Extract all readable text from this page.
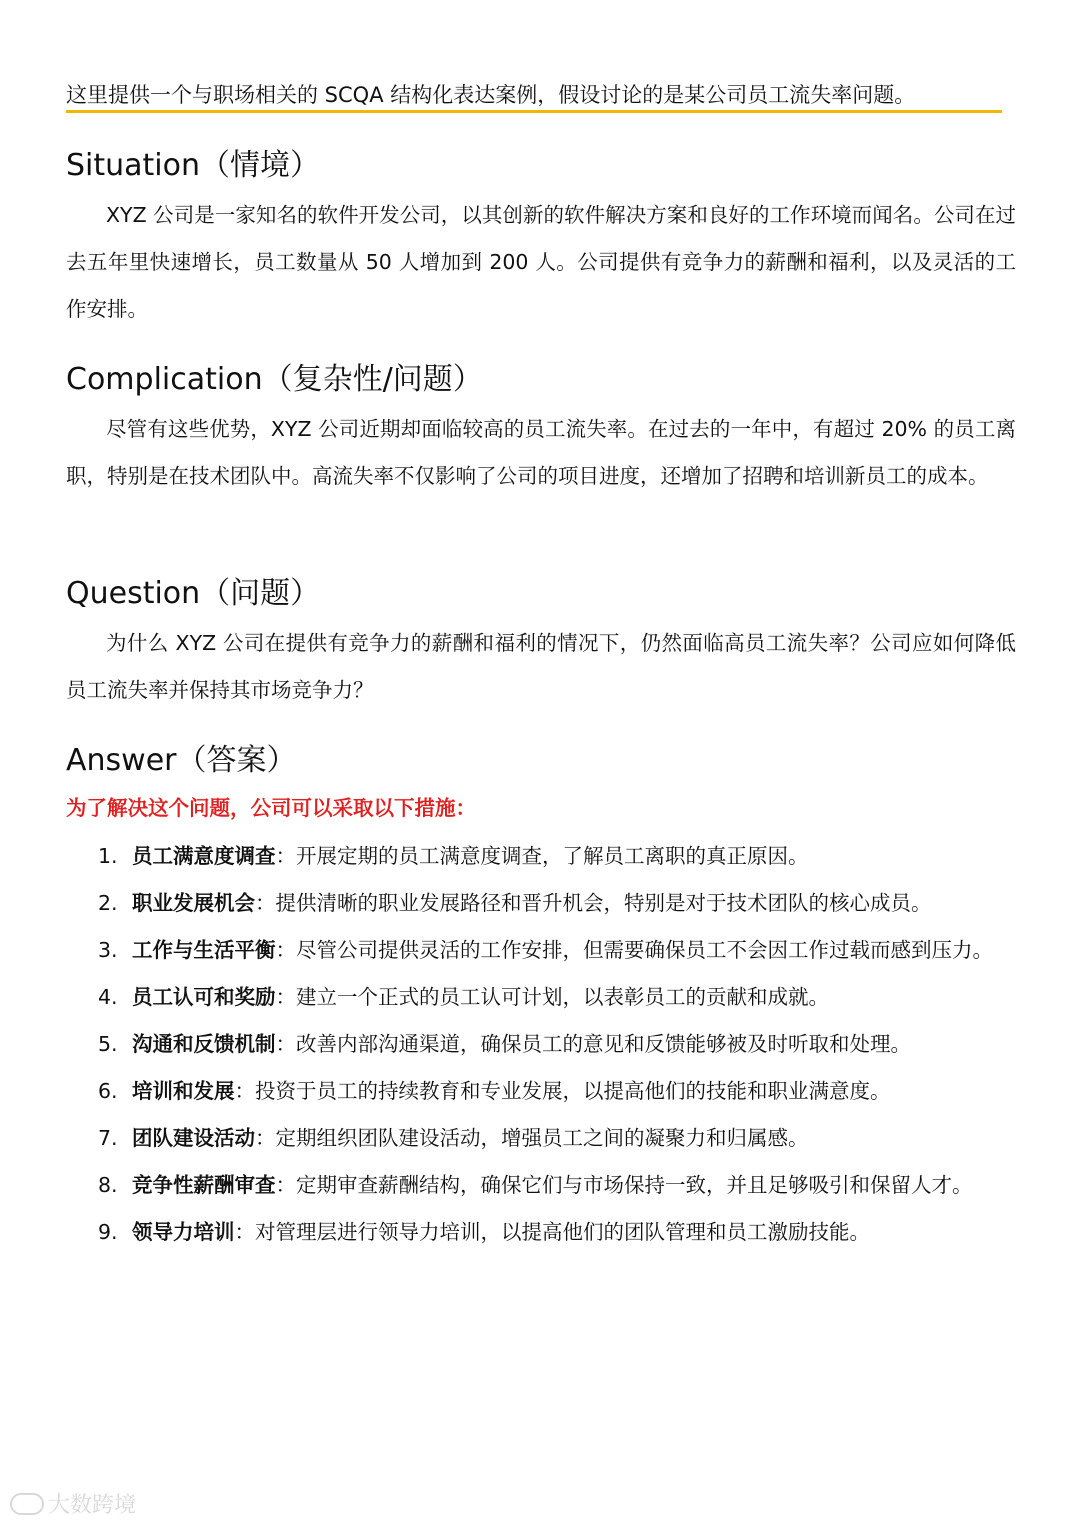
这里提供一个与职场相关的 SCQA 结构化表达案例，假设讨论的是某公司员工流失率问题。
Situation（情境）

XYZ 公司是一家知名的软件开发公司，以其创新的软件解决方案和良好的工作环境而闻名。公司在过去五年里快速增长，员工数量从 50 人增加到 200 人。公司提供有竞争力的薪酬和福利，以及灵活的工作安排。

Complication（复杂性/问题）

尽管有这些优势，XYZ 公司近期却面临较高的员工流失率。在过去的一年中，有超过 20% 的员工离职，特别是在技术团队中。高流失率不仅影响了公司的项目进度，还增加了招聘和培训新员工的成本。

Question（问题）

为什么 XYZ 公司在提供有竞争力的薪酬和福利的情况下，仍然面临高员工流失率？公司应如何降低员工流失率并保持其市场竞争力？

Answer（答案）
为了解决这个问题，公司可以采取以下措施：
1. 员工满意度调查：开展定期的员工满意度调查，了解员工离职的真正原因。
2. 职业发展机会：提供清晰的职业发展路径和晋升机会，特别是对于技术团队的核心成员。
3. 工作与生活平衡：尽管公司提供灵活的工作安排，但需要确保员工不会因工作过载而感到压力。
4. 员工认可和奖励：建立一个正式的员工认可计划，以表彰员工的贡献和成就。
5. 沟通和反馈机制：改善内部沟通渠道，确保员工的意见和反馈能够被及时听取和处理。
6. 培训和发展：投资于员工的持续教育和专业发展，以提高他们的技能和职业满意度。
7. 团队建设活动：定期组织团队建设活动，增强员工之间的凝聚力和归属感。
8. 竞争性薪酬审查：定期审查薪酬结构，确保它们与市场保持一致，并且足够吸引和保留人才。
9. 领导力培训：对管理层进行领导力培训，以提高他们的团队管理和员工激励技能。
大数跨境
